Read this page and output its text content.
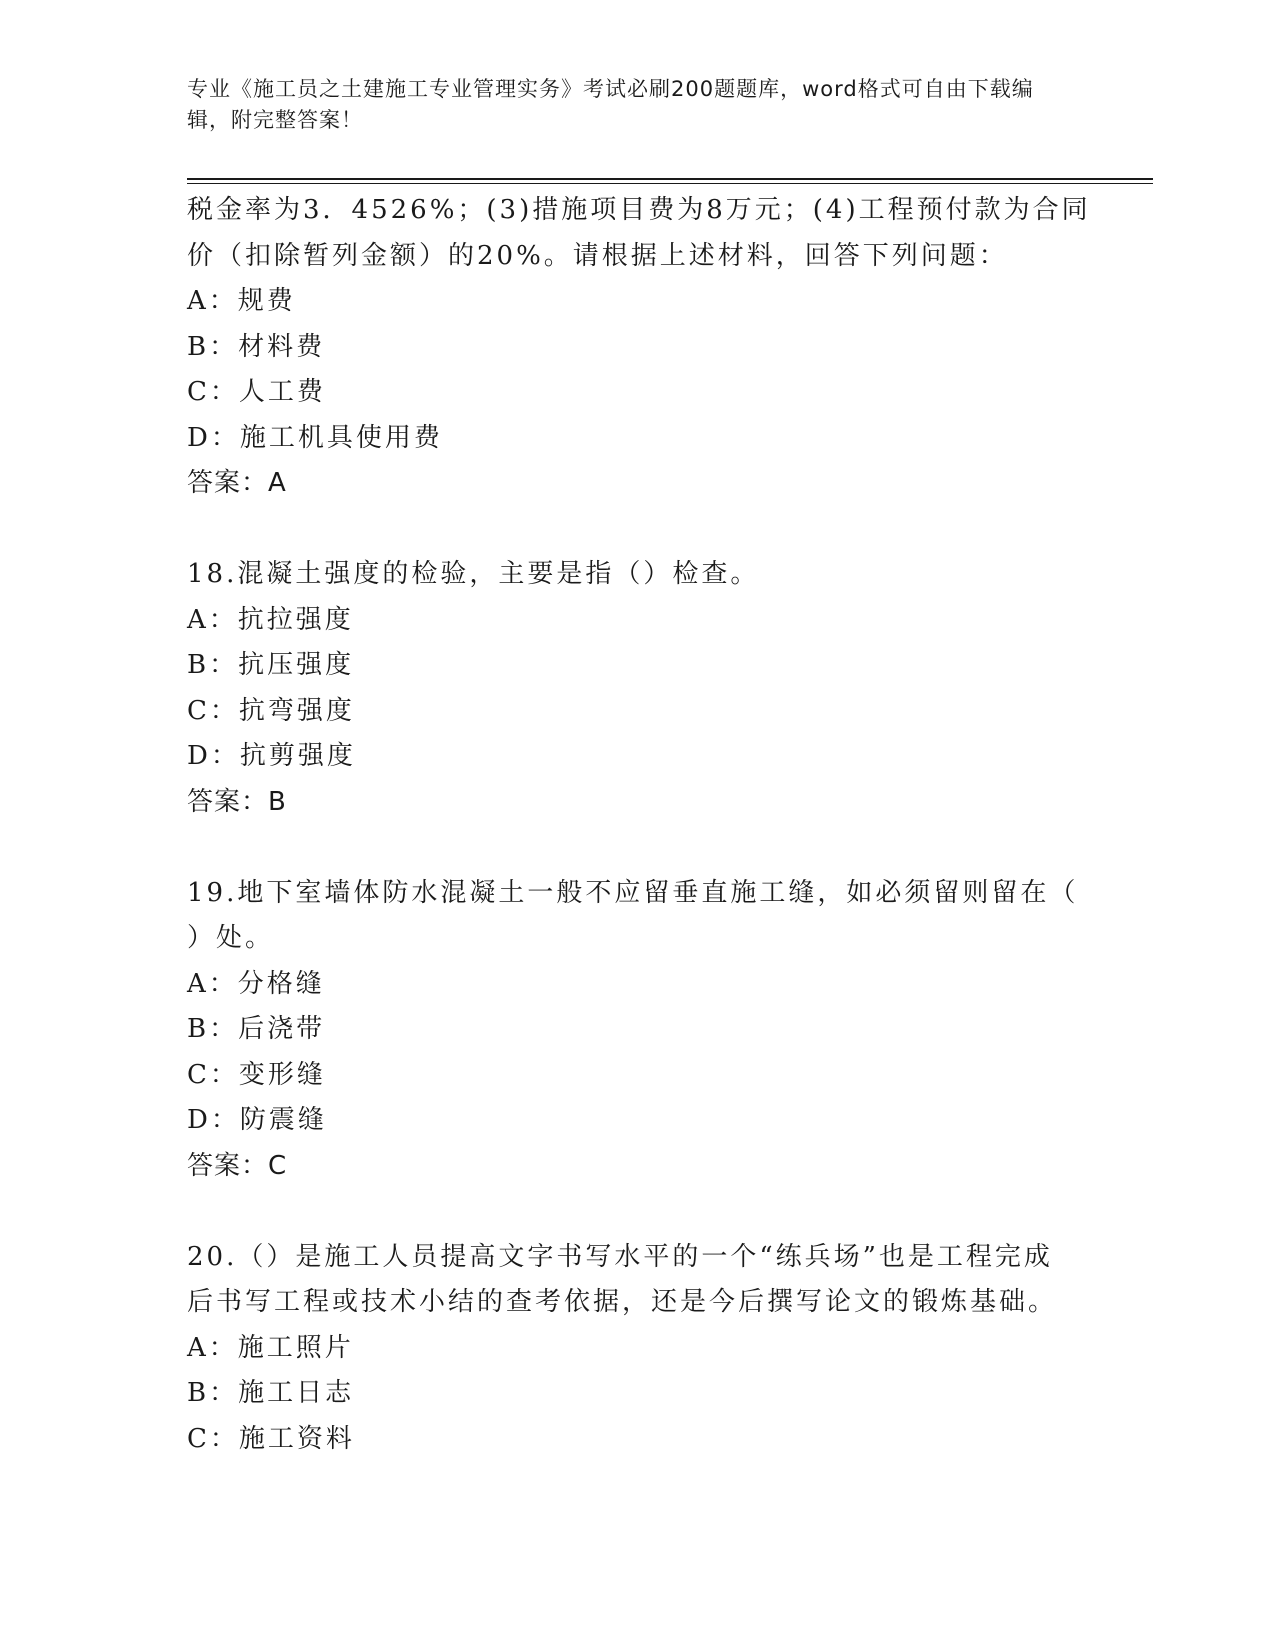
专业《施工员之土建施工专业管理实务》考试必刷200题题库，word格式可自由下载编辑，附完整答案！
税金率为3．4526%；(3)措施项目费为8万元；(4)工程预付款为合同
价（扣除暂列金额）的20%。请根据上述材料，回答下列问题：
A：规费
B：材料费
C：人工费
D：施工机具使用费
答案：A
18.混凝土强度的检验，主要是指（）检查。
A：抗拉强度
B：抗压强度
C：抗弯强度
D：抗剪强度
答案：B
19.地下室墙体防水混凝土一般不应留垂直施工缝，如必须留则留在（
）处。
A：分格缝
B：后浇带
C：变形缝
D：防震缝
答案：C
20.（）是施工人员提高文字书写水平的一个“练兵场”也是工程完成
后书写工程或技术小结的查考依据，还是今后撰写论文的锻炼基础。
A：施工照片
B：施工日志
C：施工资料
